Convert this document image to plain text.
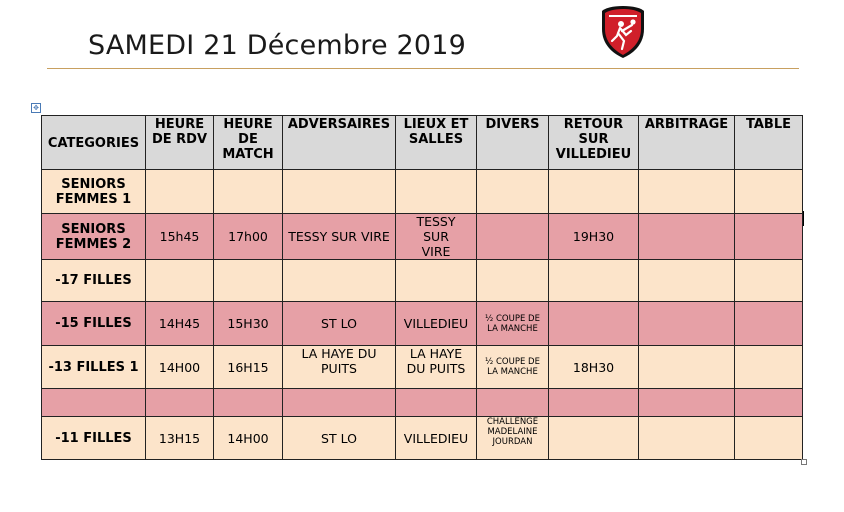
SAMEDI 21 Décembre 2019
✥
CATEGORIES	HEURE DE RDV	HEURE DE MATCH	ADVERSAIRES	LIEUX ET SALLES	DIVERS	RETOUR SUR VILLEDIEU	ARBITRAGE	TABLE
SENIORS FEMMES 1								
SENIORS FEMMES 2	15h45	17h00	TESSY SUR VIRE	TESSY SUR VIRE		19H30		
-17 FILLES								
-15 FILLES	14H45	15H30	ST LO	VILLEDIEU	½ COUPE DE LA MANCHE			
-13 FILLES 1	14H00	16H15	LA HAYE DU PUITS	LA HAYE DU PUITS	½ COUPE DE LA MANCHE	18H30		

-11 FILLES	13H15	14H00	ST LO	VILLEDIEU	CHALLENGE MADELAINE JOURDAN			
